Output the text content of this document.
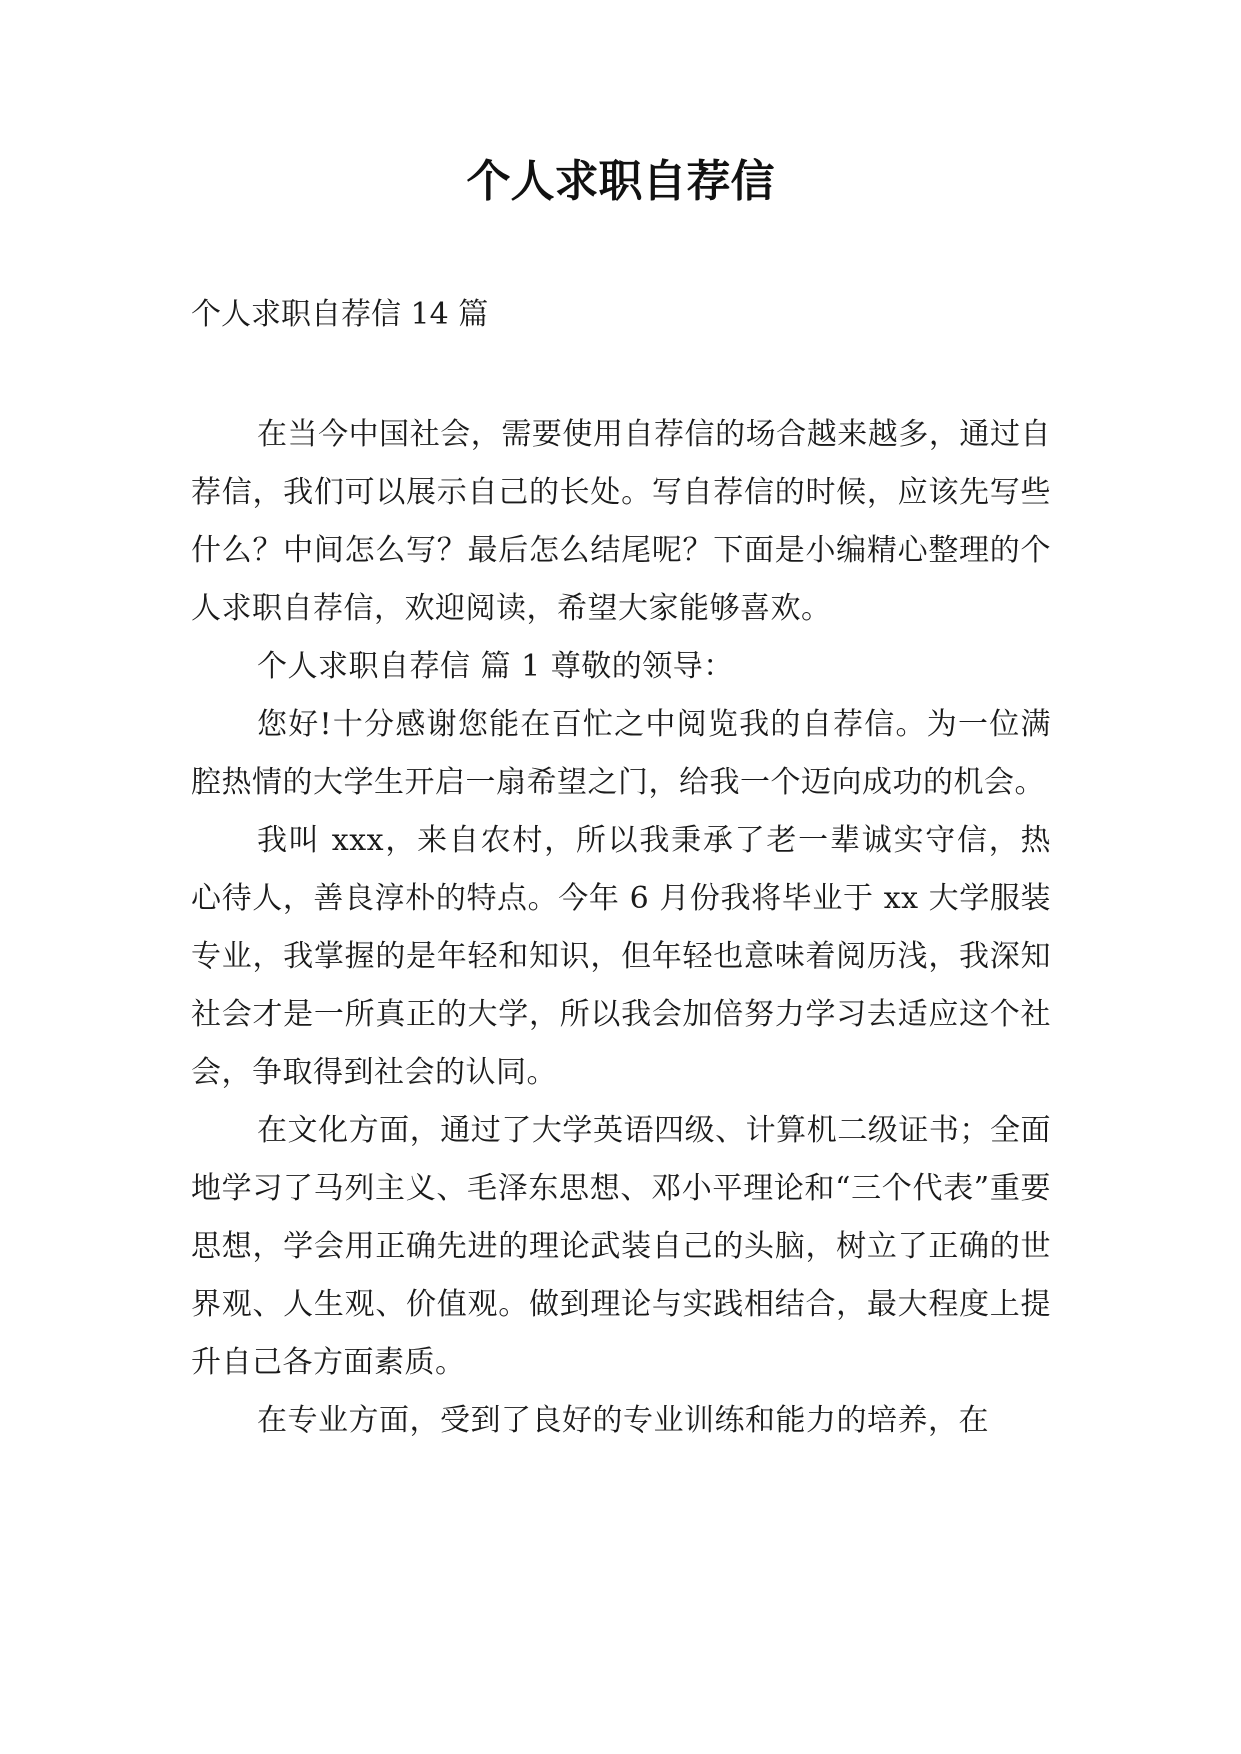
个人求职自荐信

个人求职自荐信 14 篇

在当今中国社会，需要使用自荐信的场合越来越多，通过自荐信，我们可以展示自己的长处。写自荐信的时候，应该先写些什么？中间怎么写？最后怎么结尾呢？下面是小编精心整理的个人求职自荐信，欢迎阅读，希望大家能够喜欢。

个人求职自荐信 篇 1 尊敬的领导：

您好!十分感谢您能在百忙之中阅览我的自荐信。为一位满腔热情的大学生开启一扇希望之门，给我一个迈向成功的机会。

我叫 xxx，来自农村，所以我秉承了老一辈诚实守信，热心待人，善良淳朴的特点。今年 6 月份我将毕业于 xx 大学服装专业，我掌握的是年轻和知识，但年轻也意味着阅历浅，我深知社会才是一所真正的大学，所以我会加倍努力学习去适应这个社会，争取得到社会的认同。

在文化方面，通过了大学英语四级、计算机二级证书；全面地学习了马列主义、毛泽东思想、邓小平理论和“三个代表”重要思想，学会用正确先进的理论武装自己的头脑，树立了正确的世界观、人生观、价值观。做到理论与实践相结合，最大程度上提升自己各方面素质。

在专业方面，受到了良好的专业训练和能力的培养，在
